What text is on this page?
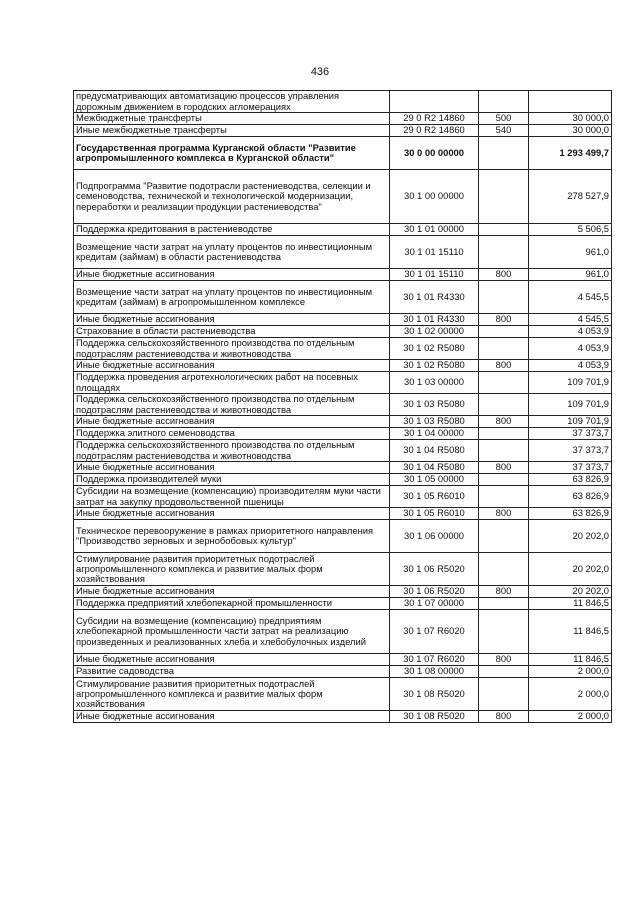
436
предусматривающих автоматизацию процессов управления дорожным движением в городских агломерациях			
Межбюджетные трансферты	29 0 R2 14860	500	30 000,0
Иные межбюджетные трансферты	29 0 R2 14860	540	30 000,0
Государственная программа Курганской области "Развитие агропромышленного комплекса в Курганской области"	30 0 00 00000		1 293 499,7
Подпрограмма "Развитие подотрасли растениеводства, селекции и семеноводства, технической и технологической модернизации, переработки и реализации продукции растениеводства"	30 1 00 00000		278 527,9
Поддержка кредитования в растениеводстве	30 1 01 00000		5 506,5
Возмещение части затрат на уплату процентов по инвестиционным кредитам (займам) в области растениеводства	30 1 01 15110		961,0
Иные бюджетные ассигнования	30 1 01 15110	800	961,0
Возмещение части затрат на уплату процентов по инвестиционным кредитам (займам) в агропромышленном комплексе	30 1 01 R4330		4 545,5
Иные бюджетные ассигнования	30 1 01 R4330	800	4 545,5
Страхование в области растениеводства	30 1 02 00000		4 053,9
Поддержка сельскохозяйственного производства по отдельным подотраслям растениеводства и животноводства	30 1 02 R5080		4 053,9
Иные бюджетные ассигнования	30 1 02 R5080	800	4 053,9
Поддержка проведения агротехнологических работ на посевных площадях	30 1 03 00000		109 701,9
Поддержка сельскохозяйственного производства по отдельным подотраслям растениеводства и животноводства	30 1 03 R5080		109 701,9
Иные бюджетные ассигнования	30 1 03 R5080	800	109 701,9
Поддержка элитного семеноводства	30 1 04 00000		37 373,7
Поддержка сельскохозяйственного производства по отдельным подотраслям растениеводства и животноводства	30 1 04 R5080		37 373,7
Иные бюджетные ассигнования	30 1 04 R5080	800	37 373,7
Поддержка производителей муки	30 1 05 00000		63 826,9
Субсидии на возмещение (компенсацию) производителям муки части затрат на закупку продовольственной пшеницы	30 1 05 R6010		63 826,9
Иные бюджетные ассигнования	30 1 05 R6010	800	63 826,9
Техническое перевооружение в рамках приоритетного направления "Производство зерновых и зернобобовых культур"	30 1 06 00000		20 202,0
Стимулирование развития приоритетных подотраслей агропромышленного комплекса и развитие малых форм хозяйствования	30 1 06 R5020		20 202,0
Иные бюджетные ассигнования	30 1 06 R5020	800	20 202,0
Поддержка предприятий хлебопекарной промышленности	30 1 07 00000		11 846,5
Субсидии на возмещение (компенсацию) предприятиям хлебопекарной промышленности части затрат на реализацию произведенных и реализованных хлеба и хлебобулочных изделий	30 1 07 R6020		11 846,5
Иные бюджетные ассигнования	30 1 07 R6020	800	11 846,5
Развитие садоводства	30 1 08 00000		2 000,0
Стимулирование развития приоритетных подотраслей агропромышленного комплекса и развитие малых форм хозяйствования	30 1 08 R5020		2 000,0
Иные бюджетные ассигнования	30 1 08 R5020	800	2 000,0
